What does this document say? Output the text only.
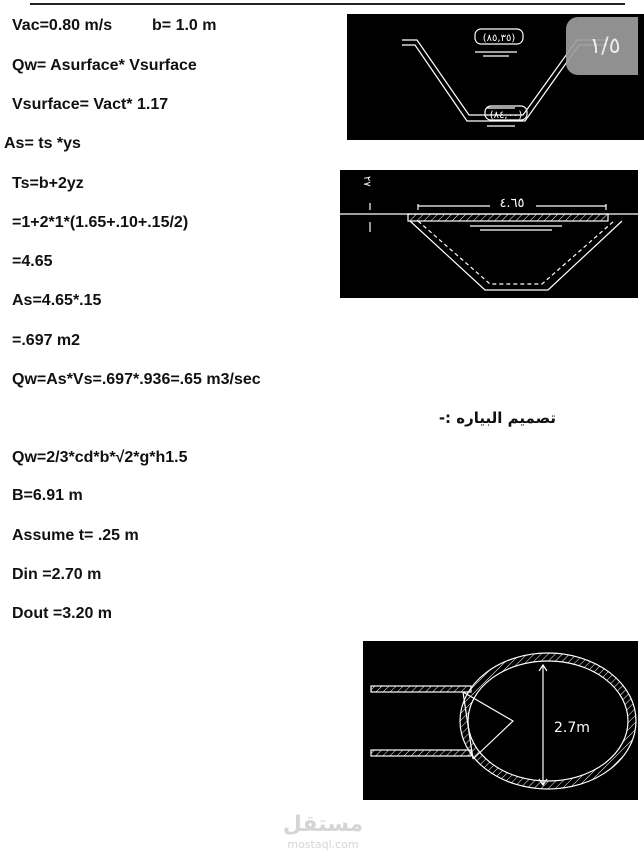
Vac=0.80 m/s b= 1.0 m
Qw= Asurface* Vsurface
Vsurface= Vact* 1.17
As= ts *ys
Ts=b+2yz
=1+2*1*(1.65+.10+.15/2)
=4.65
As=4.65*.15
=.697 m2
Qw=As*Vs=.697*.936=.65 m3/sec
تصميم البياره :-
Qw=2/3*cd*b*√2*g*h1.5
B=6.91 m
Assume t= .25 m
Din =2.70 m
Dout =3.20 m
(٨٥,٣٥)
(٨٤,٠٠)
١/٥
٤.٦٥
٢٧
2.7m
مستقل
mostaql.com
